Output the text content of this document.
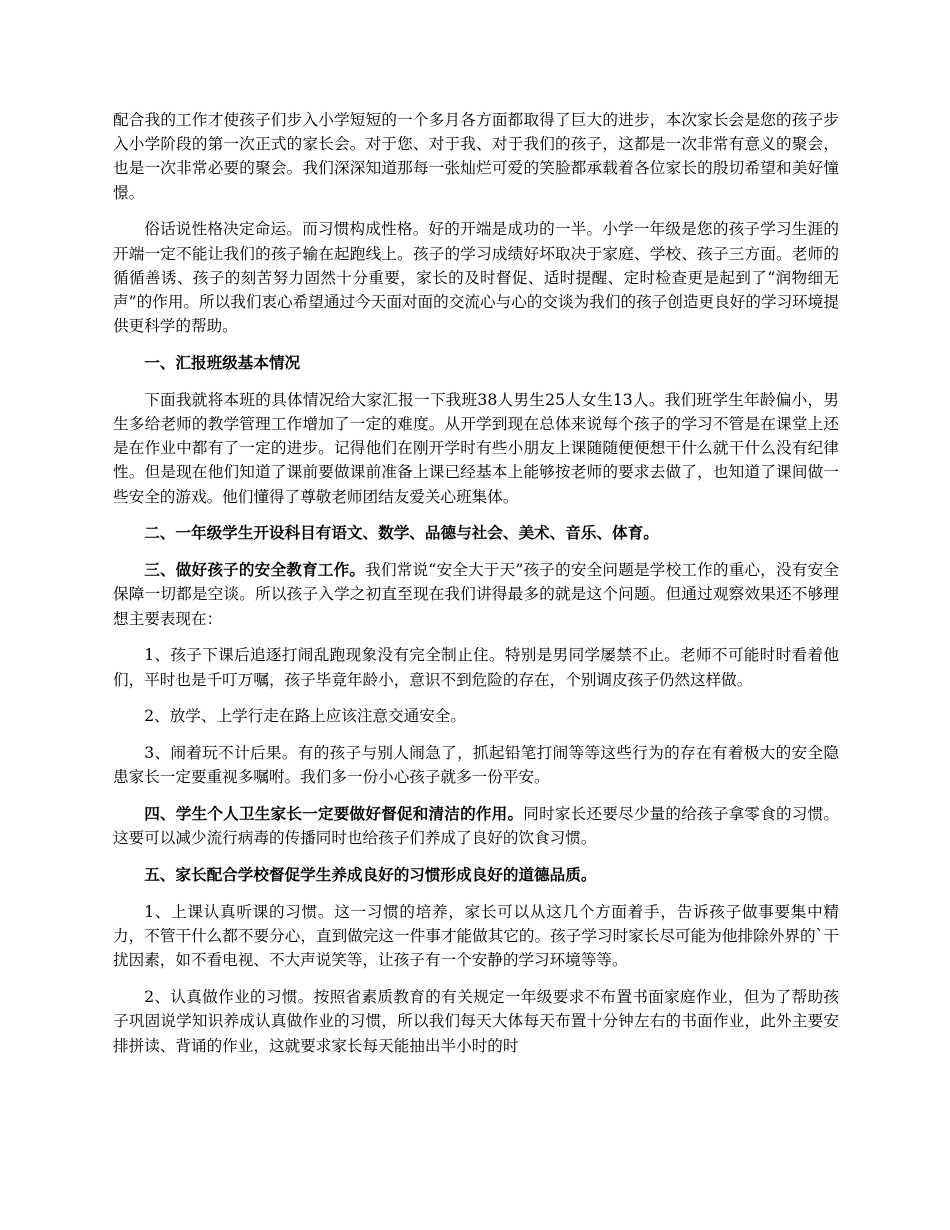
配合我的工作才使孩子们步入小学短短的一个多月各方面都取得了巨大的进步，本次家长会是您的孩子步入小学阶段的第一次正式的家长会。对于您、对于我、对于我们的孩子，这都是一次非常有意义的聚会，也是一次非常必要的聚会。我们深深知道那每一张灿烂可爱的笑脸都承载着各位家长的殷切希望和美好憧憬。

俗话说性格决定命运。而习惯构成性格。好的开端是成功的一半。小学一年级是您的孩子学习生涯的开端一定不能让我们的孩子输在起跑线上。孩子的学习成绩好坏取决于家庭、学校、孩子三方面。老师的循循善诱、孩子的刻苦努力固然十分重要，家长的及时督促、适时提醒、定时检查更是起到了“润物细无声”的作用。所以我们衷心希望通过今天面对面的交流心与心的交谈为我们的孩子创造更良好的学习环境提供更科学的帮助。

一、汇报班级基本情况

下面我就将本班的具体情况给大家汇报一下我班38人男生25人女生13人。我们班学生年龄偏小，男生多给老师的教学管理工作增加了一定的难度。从开学到现在总体来说每个孩子的学习不管是在课堂上还是在作业中都有了一定的进步。记得他们在刚开学时有些小朋友上课随随便便想干什么就干什么没有纪律性。但是现在他们知道了课前要做课前准备上课已经基本上能够按老师的要求去做了，也知道了课间做一些安全的游戏。他们懂得了尊敬老师团结友爱关心班集体。

二、一年级学生开设科目有语文、数学、品德与社会、美术、音乐、体育。

三、做好孩子的安全教育工作。我们常说“安全大于天”孩子的安全问题是学校工作的重心，没有安全保障一切都是空谈。所以孩子入学之初直至现在我们讲得最多的就是这个问题。但通过观察效果还不够理想主要表现在：

1、孩子下课后追逐打闹乱跑现象没有完全制止住。特别是男同学屡禁不止。老师不可能时时看着他们，平时也是千叮万嘱，孩子毕竟年龄小，意识不到危险的存在，个别调皮孩子仍然这样做。

2、放学、上学行走在路上应该注意交通安全。

3、闹着玩不计后果。有的孩子与别人闹急了，抓起铅笔打闹等等这些行为的存在有着极大的安全隐患家长一定要重视多嘱咐。我们多一份小心孩子就多一份平安。

四、学生个人卫生家长一定要做好督促和清洁的作用。同时家长还要尽少量的给孩子拿零食的习惯。这要可以减少流行病毒的传播同时也给孩子们养成了良好的饮食习惯。

五、家长配合学校督促学生养成良好的习惯形成良好的道德品质。

1、上课认真听课的习惯。这一习惯的培养，家长可以从这几个方面着手，告诉孩子做事要集中精力，不管干什么都不要分心，直到做完这一件事才能做其它的。孩子学习时家长尽可能为他排除外界的`干扰因素，如不看电视、不大声说笑等，让孩子有一个安静的学习环境等等。

2、认真做作业的习惯。按照省素质教育的有关规定一年级要求不布置书面家庭作业，但为了帮助孩子巩固说学知识养成认真做作业的习惯，所以我们每天大体每天布置十分钟左右的书面作业，此外主要安排拼读、背诵的作业，这就要求家长每天能抽出半小时的时
